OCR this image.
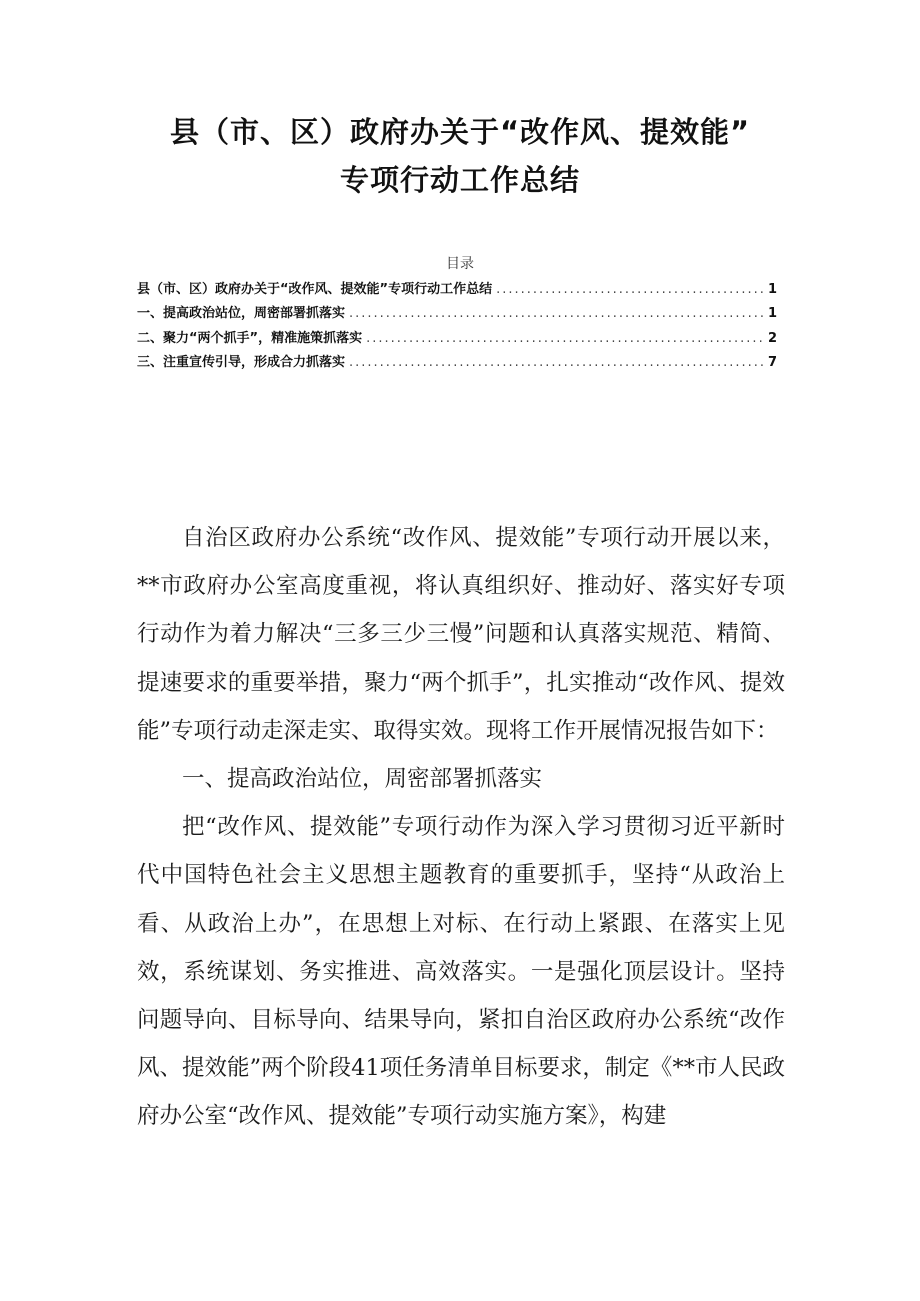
县（市、区）政府办关于“改作风、提效能”
专项行动工作总结
目录
县（市、区）政府办关于“改作风、提效能”专项行动工作总结 .....	1
一、提高政治站位，周密部署抓落实 .....	1
二、聚力“两个抓手”，精准施策抓落实 .....	2
三、注重宣传引导，形成合力抓落实 .....	7

自治区政府办公系统“改作风、提效能”专项行动开展以来，**市政府办公室高度重视，将认真组织好、推动好、落实好专项行动作为着力解决“三多三少三慢”问题和认真落实规范、精简、提速要求的重要举措，聚力“两个抓手”，扎实推动“改作风、提效能”专项行动走深走实、取得实效。现将工作开展情况报告如下：

一、提高政治站位，周密部署抓落实

把“改作风、提效能”专项行动作为深入学习贯彻习近平新时代中国特色社会主义思想主题教育的重要抓手，坚持“从政治上看、从政治上办”，在思想上对标、在行动上紧跟、在落实上见效，系统谋划、务实推进、高效落实。一是强化顶层设计。坚持问题导向、目标导向、结果导向，紧扣自治区政府办公系统“改作风、提效能”两个阶段41项任务清单目标要求，制定《**市人民政府办公室“改作风、提效能”专项行动实施方案》，构建
